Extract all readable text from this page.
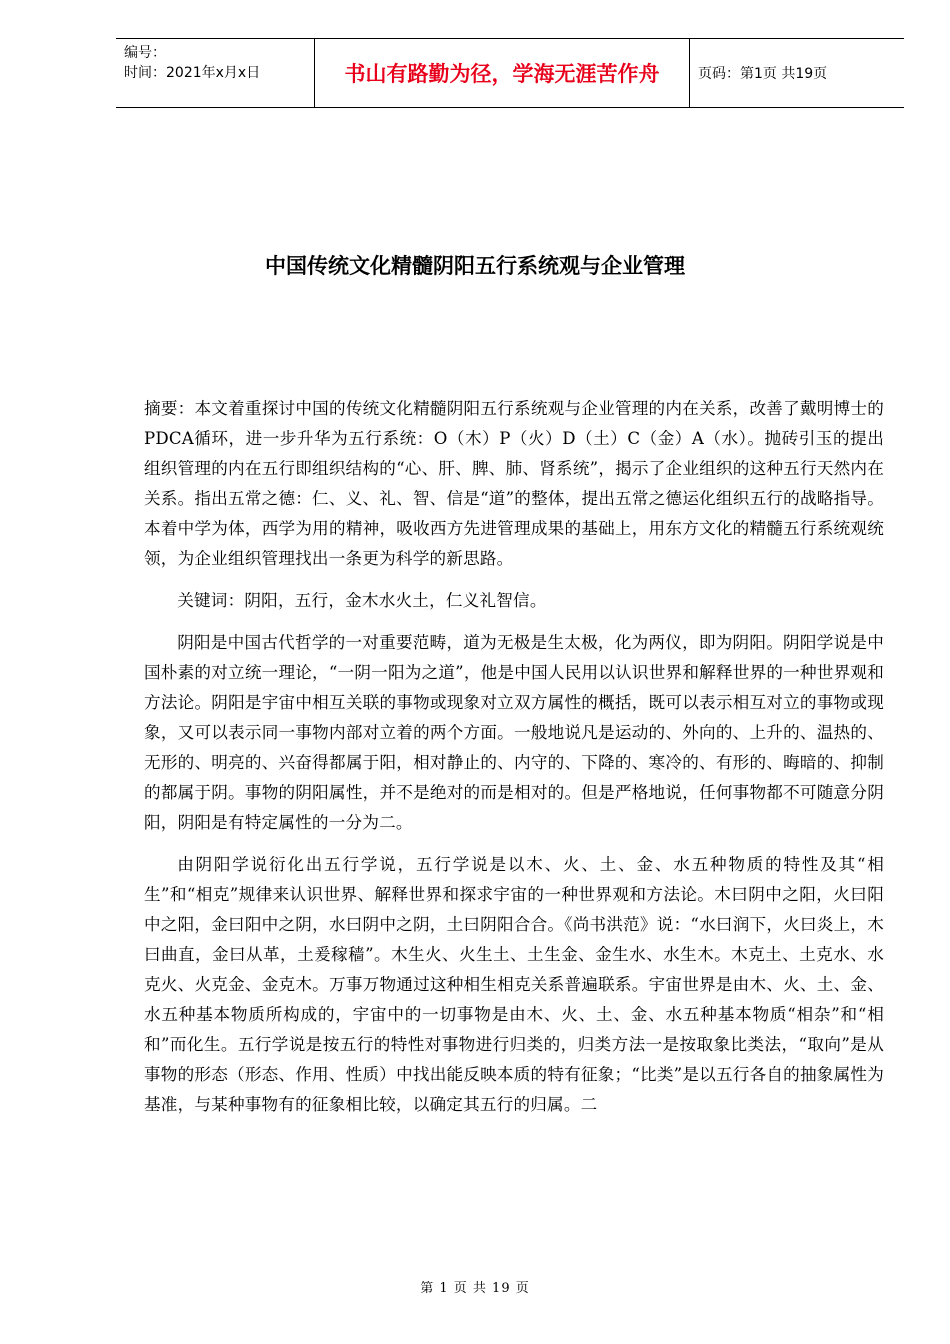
编号：
时间：2021年x月x日	书山有路勤为径，学海无涯苦作舟	页码：第1页 共19页
中国传统文化精髓阴阳五行系统观与企业管理

摘要：本文着重探讨中国的传统文化精髓阴阳五行系统观与企业管理的内在关系，改善了戴明博士的PDCA循环，进一步升华为五行系统：O（木）P（火）D（土）C（金）A（水）。抛砖引玉的提出组织管理的内在五行即组织结构的“心、肝、脾、肺、肾系统”，揭示了企业组织的这种五行天然内在关系。指出五常之德：仁、义、礼、智、信是“道”的整体，提出五常之德运化组织五行的战略指导。本着中学为体，西学为用的精神，吸收西方先进管理成果的基础上，用东方文化的精髓五行系统观统领，为企业组织管理找出一条更为科学的新思路。

关键词：阴阳，五行，金木水火土，仁义礼智信。

阴阳是中国古代哲学的一对重要范畴，道为无极是生太极，化为两仪，即为阴阳。阴阳学说是中国朴素的对立统一理论，“一阴一阳为之道”，他是中国人民用以认识世界和解释世界的一种世界观和方法论。阴阳是宇宙中相互关联的事物或现象对立双方属性的概括，既可以表示相互对立的事物或现象，又可以表示同一事物内部对立着的两个方面。一般地说凡是运动的、外向的、上升的、温热的、无形的、明亮的、兴奋得都属于阳，相对静止的、内守的、下降的、寒冷的、有形的、晦暗的、抑制的都属于阴。事物的阴阳属性，并不是绝对的而是相对的。但是严格地说，任何事物都不可随意分阴阳，阴阳是有特定属性的一分为二。

由阴阳学说衍化出五行学说，五行学说是以木、火、土、金、水五种物质的特性及其“相生”和“相克”规律来认识世界、解释世界和探求宇宙的一种世界观和方法论。木曰阴中之阳，火曰阳中之阳，金曰阳中之阴，水曰阴中之阴，土曰阴阳合合。《尚书洪范》说：“水曰润下，火曰炎上，木曰曲直，金曰从革，土爰稼穑”。木生火、火生土、土生金、金生水、水生木。木克土、土克水、水克火、火克金、金克木。万事万物通过这种相生相克关系普遍联系。宇宙世界是由木、火、土、金、水五种基本物质所构成的，宇宙中的一切事物是由木、火、土、金、水五种基本物质“相杂”和“相和”而化生。五行学说是按五行的特性对事物进行归类的，归类方法一是按取象比类法，“取向”是从事物的形态（形态、作用、性质）中找出能反映本质的特有征象；“比类”是以五行各自的抽象属性为基准，与某种事物有的征象相比较，以确定其五行的归属。二

第 1 页 共 19 页
